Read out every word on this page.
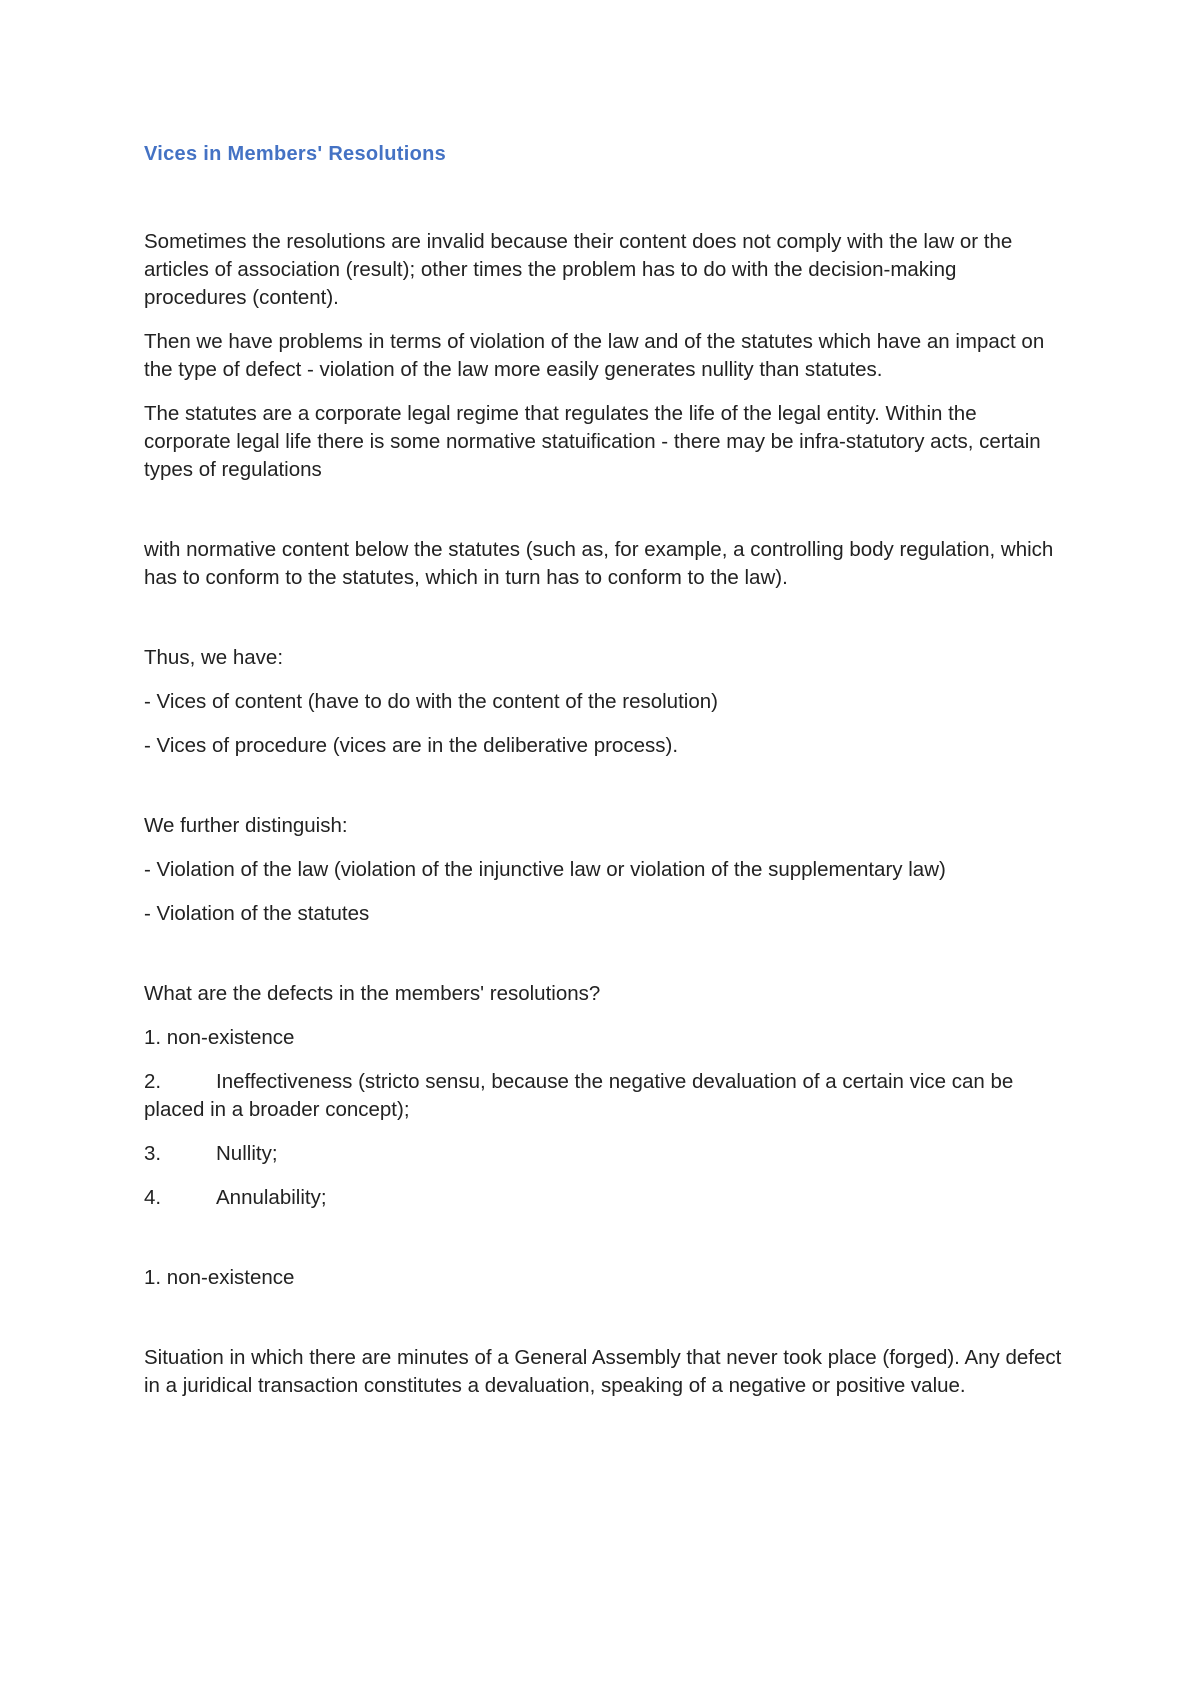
Vices in Members' Resolutions

Sometimes the resolutions are invalid because their content does not comply with the law or the articles of association (result); other times the problem has to do with the decision-making procedures (content).

Then we have problems in terms of violation of the law and of the statutes which have an impact on the type of defect - violation of the law more easily generates nullity than statutes.

The statutes are a corporate legal regime that regulates the life of the legal entity. Within the corporate legal life there is some normative statuification - there may be infra-statutory acts, certain types of regulations

with normative content below the statutes (such as, for example, a controlling body regulation, which has to conform to the statutes, which in turn has to conform to the law).

Thus, we have:

- Vices of content (have to do with the content of the resolution)

- Vices of procedure (vices are in the deliberative process).

We further distinguish:

- Violation of the law (violation of the injunctive law or violation of the supplementary law)

- Violation of the statutes

What are the defects in the members' resolutions?

1. non-existence

2.	Ineffectiveness (stricto sensu, because the negative devaluation of a certain vice can be placed in a broader concept);
3.	Nullity;
4.	Annulability;

1. non-existence

Situation in which there are minutes of a General Assembly that never took place (forged). Any defect in a juridical transaction constitutes a devaluation, speaking of a negative or positive value.
